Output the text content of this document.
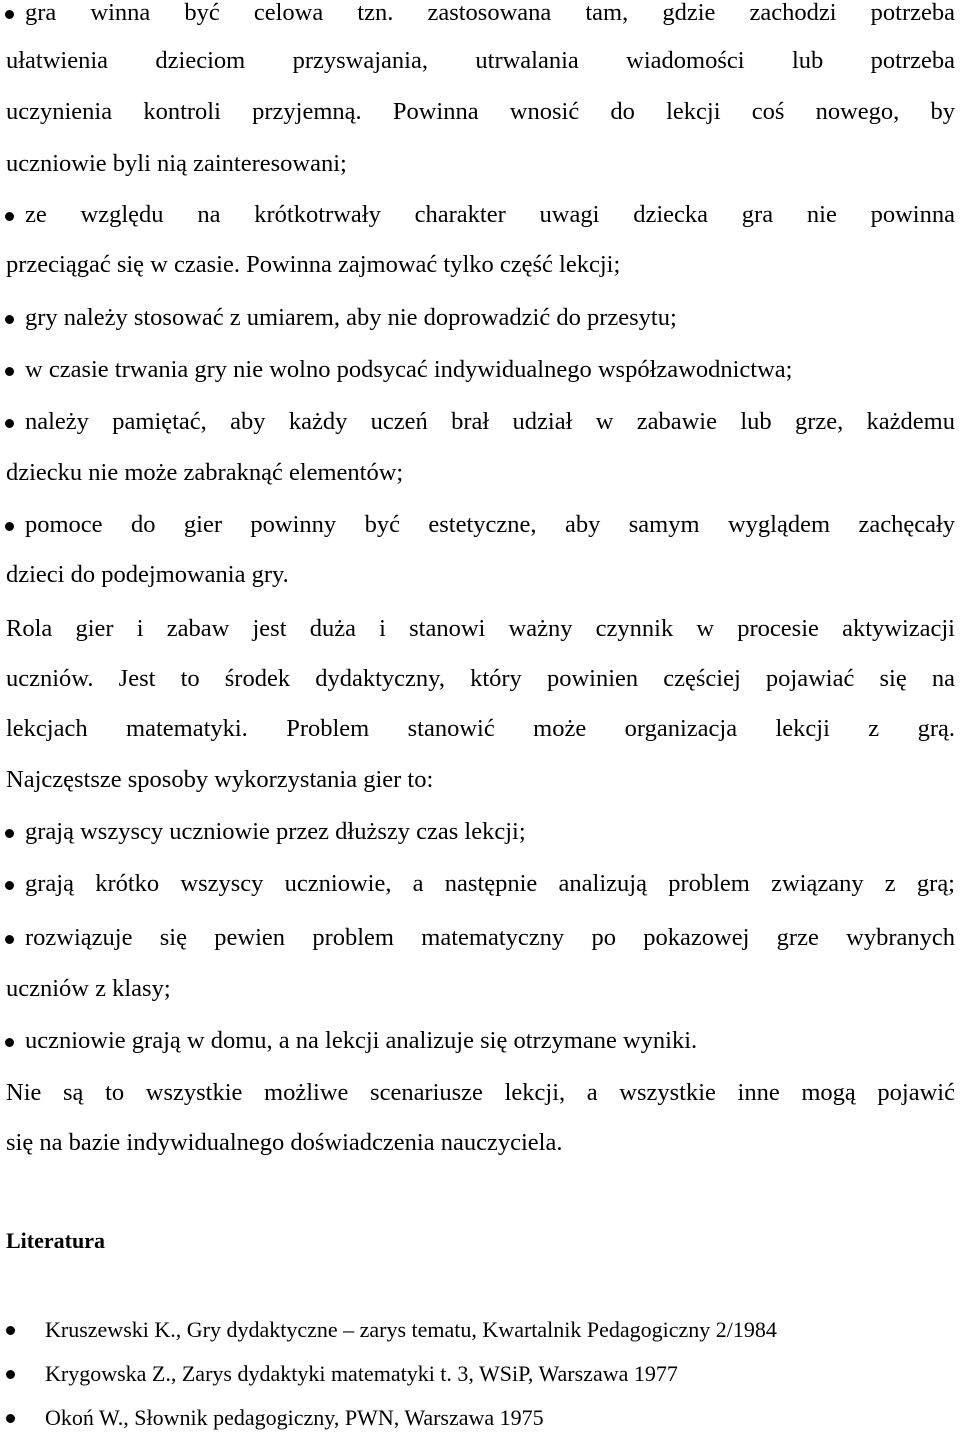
gra winna być celowa tzn. zastosowana tam, gdzie zachodzi potrzeba
ułatwienia dzieciom przyswajania, utrwalania wiadomości lub potrzeba
uczynienia kontroli przyjemną. Powinna wnosić do lekcji coś nowego, by
uczniowie byli nią zainteresowani;
ze względu na krótkotrwały charakter uwagi dziecka gra nie powinna
przeciągać się w czasie. Powinna zajmować tylko część lekcji;
gry należy stosować z umiarem, aby nie doprowadzić do przesytu;
w czasie trwania gry nie wolno podsycać indywidualnego współzawodnictwa;
należy pamiętać, aby każdy uczeń brał udział w zabawie lub grze, każdemu
dziecku nie może zabraknąć elementów;
pomoce do gier powinny być estetyczne, aby samym wyglądem zachęcały
dzieci do podejmowania gry.
Rola gier i zabaw jest duża i stanowi ważny czynnik w procesie aktywizacji
uczniów. Jest to środek dydaktyczny, który powinien częściej pojawiać się na
lekcjach matematyki. Problem stanowić może organizacja lekcji z grą.
Najczęstsze sposoby wykorzystania gier to:
grają wszyscy uczniowie przez dłuższy czas lekcji;
grają krótko wszyscy uczniowie, a następnie analizują problem związany z grą;
rozwiązuje się pewien problem matematyczny po pokazowej grze wybranych
uczniów z klasy;
uczniowie grają w domu, a na lekcji analizuje się otrzymane wyniki.
Nie są to wszystkie możliwe scenariusze lekcji, a wszystkie inne mogą pojawić
się na bazie indywidualnego doświadczenia nauczyciela.
Literatura
Kruszewski K., Gry dydaktyczne – zarys tematu, Kwartalnik Pedagogiczny 2/1984
Krygowska Z., Zarys dydaktyki matematyki t. 3, WSiP, Warszawa 1977
Okoń W., Słownik pedagogiczny, PWN, Warszawa 1975
